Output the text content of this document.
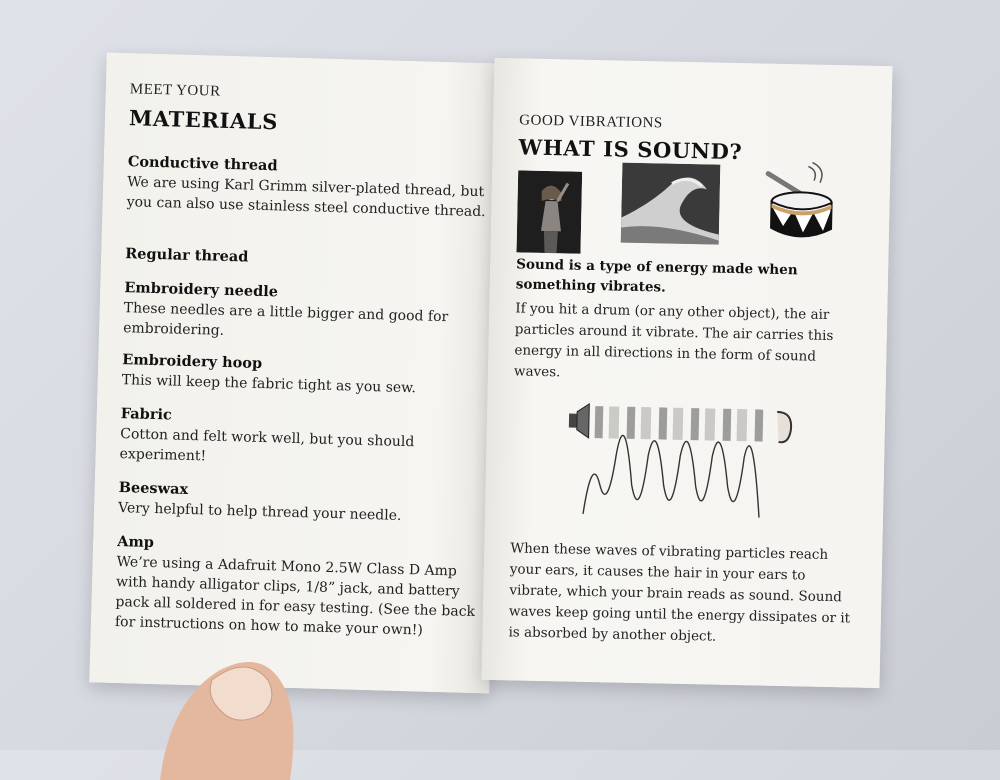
MEET YOUR
MATERIALS

Conductive thread

We are using Karl Grimm silver-plated thread, but you can also use stainless steel conductive thread.

Regular thread

Embroidery needle

These needles are a little bigger and good for embroidering.

Embroidery hoop

This will keep the fabric tight as you sew.

Fabric

Cotton and felt work well, but you should experiment!

Beeswax

Very helpful to help thread your needle.

Amp

We’re using a Adafruit Mono 2.5W Class D Amp with handy alligator clips, 1/8” jack, and battery pack all soldered in for easy testing. (See the back for instructions on how to make your own!)

GOOD VIBRATIONS
WHAT IS SOUND?
Sound is a type of energy made when something vibrates.
If you hit a drum (or any other object), the air particles around it vibrate. The air carries this energy in all directions in the form of sound waves.
When these waves of vibrating particles reach your ears, it causes the hair in your ears to vibrate, which your brain reads as sound. Sound waves keep going until the energy dissipates or it is absorbed by another object.
